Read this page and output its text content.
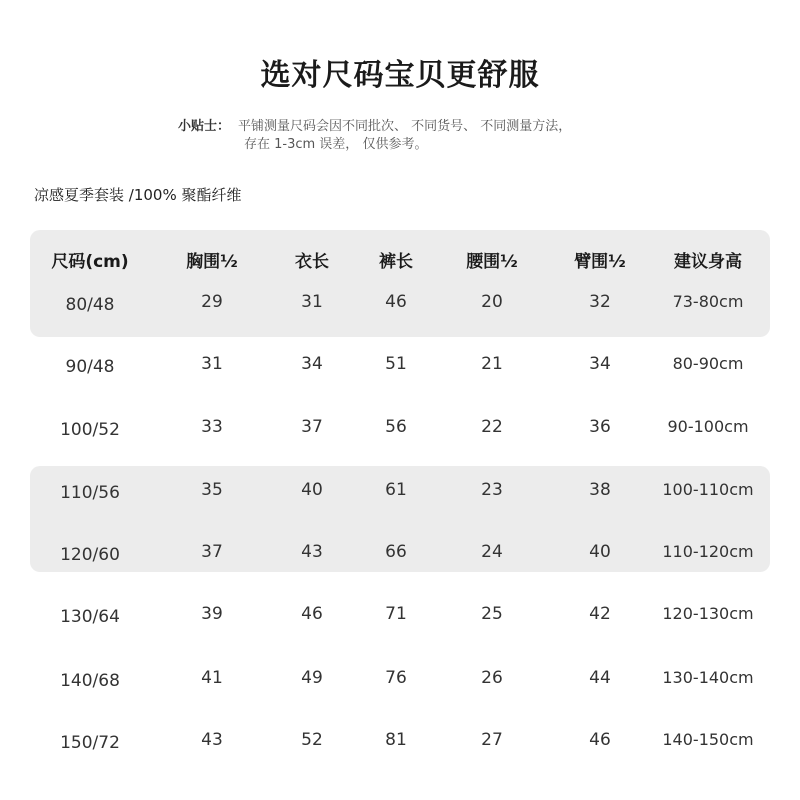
选对尺码宝贝更舒服
小贴士： 平铺测量尺码会因不同批次、 不同货号、 不同测量方法，
存在 1-3cm 误差， 仅供参考。
凉感夏季套装 /100% 聚酯纤维
尺码(cm)	胸围½	衣长	裤长	腰围½	臂围½	建议身高
80/48	29	31	46	20	32	73-80cm
90/48	31	34	51	21	34	80-90cm
100/52	33	37	56	22	36	90-100cm
110/56	35	40	61	23	38	100-110cm
120/60	37	43	66	24	40	110-120cm
130/64	39	46	71	25	42	120-130cm
140/68	41	49	76	26	44	130-140cm
150/72	43	52	81	27	46	140-150cm
